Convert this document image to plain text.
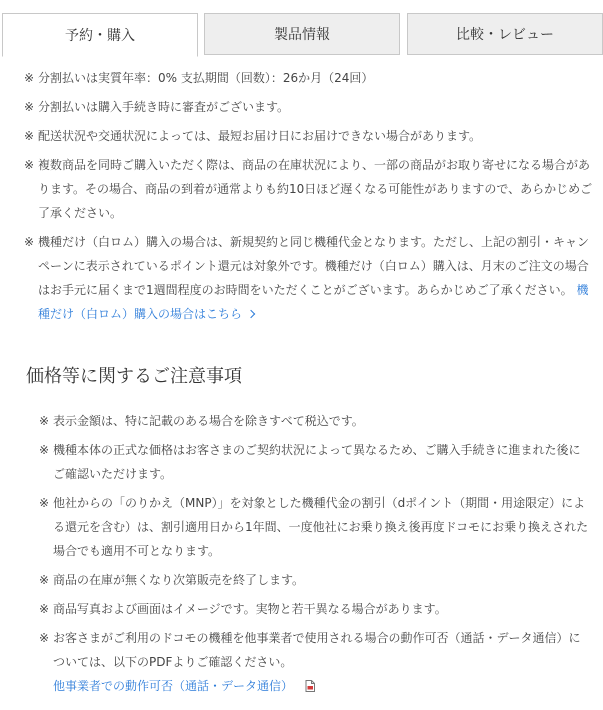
予約・購入	製品情報	比較・レビュー
※ 分割払いは実質年率：0% 支払期間（回数）：26か月（24回）
※ 分割払いは購入手続き時に審査がございます。
※ 配送状況や交通状況によっては、最短お届け日にお届けできない場合があります。
※ 複数商品を同時ご購入いただく際は、商品の在庫状況により、一部の商品がお取り寄せになる場合があります。その場合、商品の到着が通常よりも約10日ほど遅くなる可能性がありますので、あらかじめご了承ください。
※ 機種だけ（白ロム）購入の場合は、新規契約と同じ機種代金となります。ただし、上記の割引・キャンペーンに表示されているポイント還元は対象外です。機種だけ（白ロム）購入は、月末のご注文の場合はお手元に届くまで1週間程度のお時間をいただくことがございます。あらかじめご了承ください。 機種だけ（白ロム）購入の場合はこちら
価格等に関するご注意事項
※ 表示金額は、特に記載のある場合を除きすべて税込です。
※ 機種本体の正式な価格はお客さまのご契約状況によって異なるため、ご購入手続きに進まれた後にご確認いただけます。
※ 他社からの「のりかえ（MNP）」を対象とした機種代金の割引（dポイント（期間・用途限定）による還元を含む）は、割引適用日から1年間、一度他社にお乗り換え後再度ドコモにお乗り換えされた場合でも適用不可となります。
※ 商品の在庫が無くなり次第販売を終了します。
※ 商品写真および画面はイメージです。実物と若干異なる場合があります。
※ お客さまがご利用のドコモの機種を他事業者で使用される場合の動作可否（通話・データ通信）については、以下のPDFよりご確認ください。
他事業者での動作可否（通話・データ通信）
